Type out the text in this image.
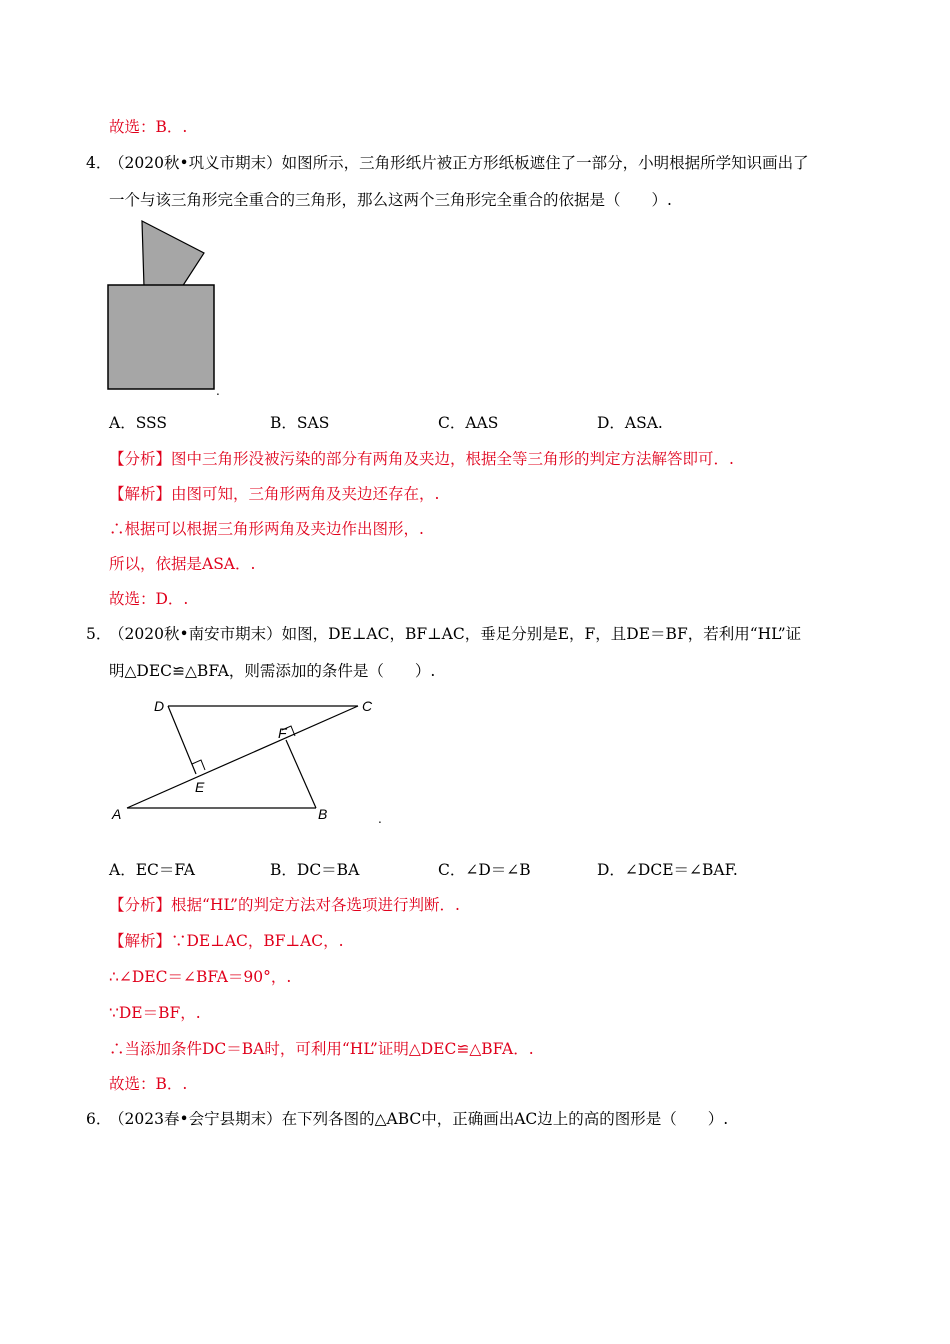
故选：B．.
4．
（2020秋•巩义市期末）如图所示，三角形纸片被正方形纸板遮住了一部分，小明根据所学知识画出了
一个与该三角形完全重合的三角形，那么这两个三角形完全重合的依据是（　　）.
.
A．SSS	B．SAS	C．AAS	D．ASA.
【分析】图中三角形没被污染的部分有两角及夹边，根据全等三角形的判定方法解答即可．.
【解析】由图可知，三角形两角及夹边还存在，.
∴根据可以根据三角形两角及夹边作出图形，.
所以，依据是ASA．.
故选：D．.
5．
（2020秋•南安市期末）如图，DE⊥AC，BF⊥AC，垂足分别是E，F，且DE＝BF，若利用“HL”证
明△DEC≌△BFA，则需添加的条件是（　　）.
D	C
F
E
A	B	.
A．EC＝FA	B．DC＝BA	C．∠D＝∠B	D．∠DCE＝∠BAF.
【分析】根据“HL”的判定方法对各选项进行判断．.
【解析】∵DE⊥AC，BF⊥AC，.
∴∠DEC＝∠BFA＝90°，.
∵DE＝BF，.
∴当添加条件DC＝BA时，可利用“HL”证明△DEC≌△BFA．.
故选：B．.
6．
（2023春•会宁县期末）在下列各图的△ABC中，正确画出AC边上的高的图形是（　　）.
